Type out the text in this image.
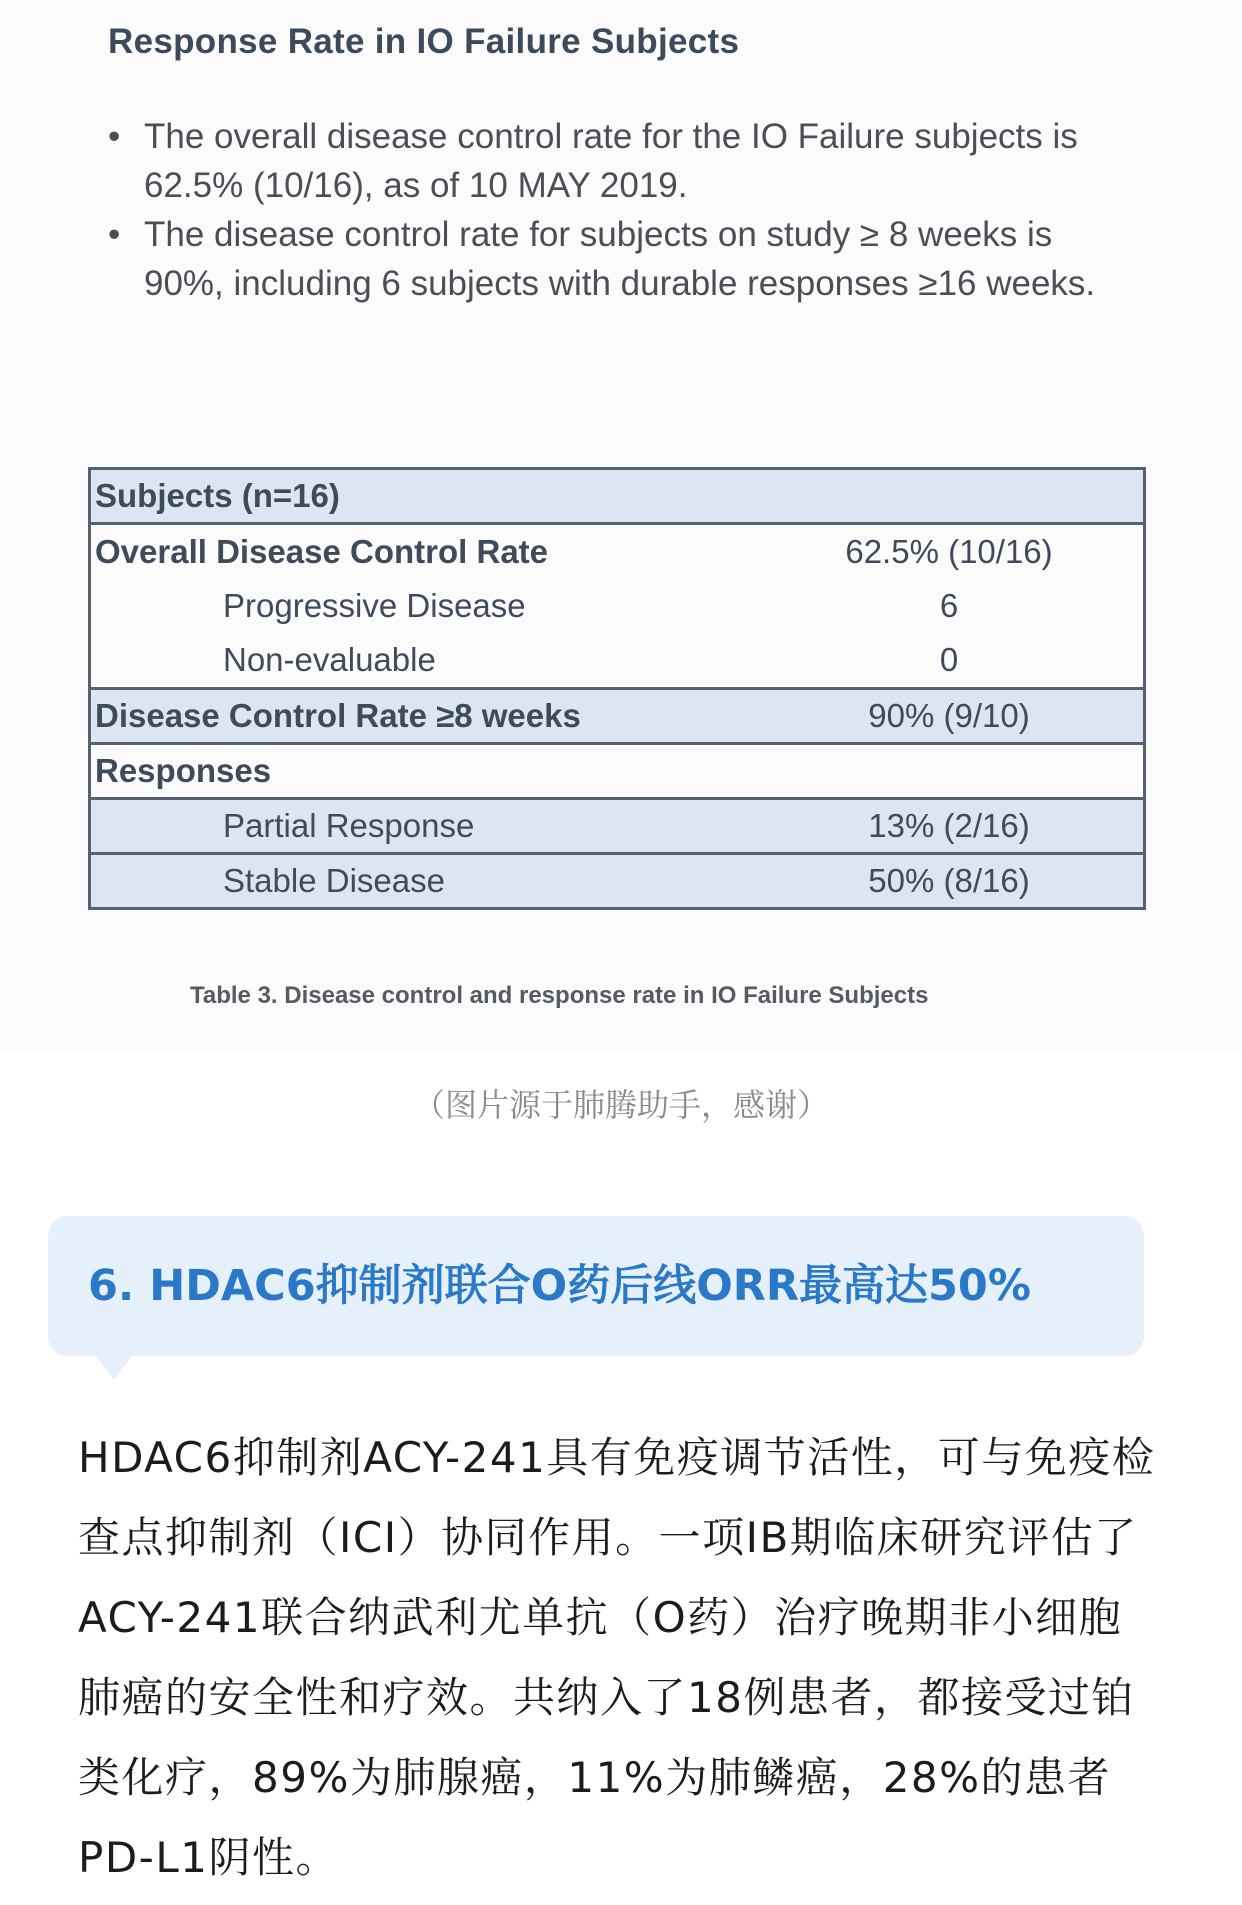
Response Rate in IO Failure Subjects
• The overall disease control rate for the IO Failure subjects is 62.5% (10/16), as of 10 MAY 2019.
• The disease control rate for subjects on study ≥ 8 weeks is 90%, including 6 subjects with durable responses ≥16 weeks.
Subjects (n=16)	
Overall Disease Control Rate	62.5% (10/16)
Progressive Disease	6
Non-evaluable	0
Disease Control Rate ≥8 weeks	90% (9/10)
Responses	
Partial Response	13% (2/16)
Stable Disease	50% (8/16)
Table 3. Disease control and response rate in IO Failure Subjects
（图片源于肺腾助手，感谢）
6. HDAC6抑制剂联合O药后线ORR最高达50%

HDAC6抑制剂ACY-241具有免疫调节活性，可与免疫检查点抑制剂（ICI）协同作用。一项IB期临床研究评估了ACY-241联合纳武利尤单抗（O药）治疗晚期非小细胞肺癌的安全性和疗效。共纳入了18例患者，都接受过铂类化疗，89%为肺腺癌，11%为肺鳞癌，28%的患者PD-L1阴性。
